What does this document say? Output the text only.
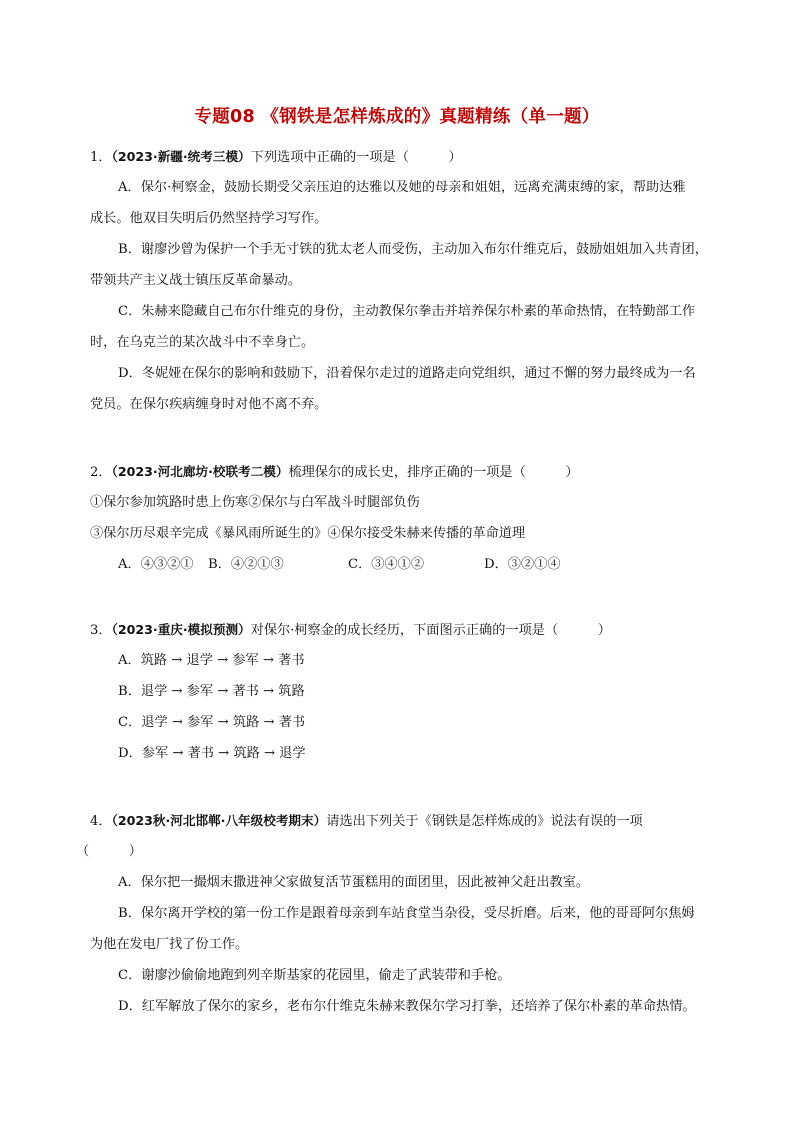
专题08 《钢铁是怎样炼成的》真题精练（单一题）
1．（2023·新疆·统考三模）下列选项中正确的一项是（　　　）
A．保尔·柯察金，鼓励长期受父亲压迫的达雅以及她的母亲和姐姐，远离充满束缚的家，帮助达雅
成长。他双目失明后仍然坚持学习写作。
B．谢廖沙曾为保护一个手无寸铁的犹太老人而受伤，主动加入布尔什维克后，鼓励姐姐加入共青团，
带领共产主义战士镇压反革命暴动。
C．朱赫来隐藏自己布尔什维克的身份，主动教保尔拳击并培养保尔朴素的革命热情，在特勤部工作
时，在乌克兰的某次战斗中不幸身亡。
D．冬妮娅在保尔的影响和鼓励下，沿着保尔走过的道路走向党组织，通过不懈的努力最终成为一名
党员。在保尔疾病缠身时对他不离不弃。
2．（2023·河北廊坊·校联考二模）梳理保尔的成长史，排序正确的一项是（　　　）
①保尔参加筑路时患上伤寒②保尔与白军战斗时腿部负伤
③保尔历尽艰辛完成《暴风雨所诞生的》④保尔接受朱赫来传播的革命道理
A．④③②① B．④②①③	C．③④①②	D．③②①④
3．（2023·重庆·模拟预测）对保尔·柯察金的成长经历，下面图示正确的一项是（　　　）
A．筑路 → 退学 → 参军 → 著书
B．退学 → 参军 → 著书 → 筑路
C．退学 → 参军 → 筑路 → 著书
D．参军 → 著书 → 筑路 → 退学
4．（2023秋·河北邯郸·八年级校考期末）请选出下列关于《钢铁是怎样炼成的》说法有误的一项
（　　　）
A．保尔把一撮烟末撒进神父家做复活节蛋糕用的面团里，因此被神父赶出教室。
B．保尔离开学校的第一份工作是跟着母亲到车站食堂当杂役，受尽折磨。后来，他的哥哥阿尔焦姆
为他在发电厂找了份工作。
C．谢廖沙偷偷地跑到列辛斯基家的花园里，偷走了武装带和手枪。
D．红军解放了保尔的家乡，老布尔什维克朱赫来教保尔学习打拳，还培养了保尔朴素的革命热情。
